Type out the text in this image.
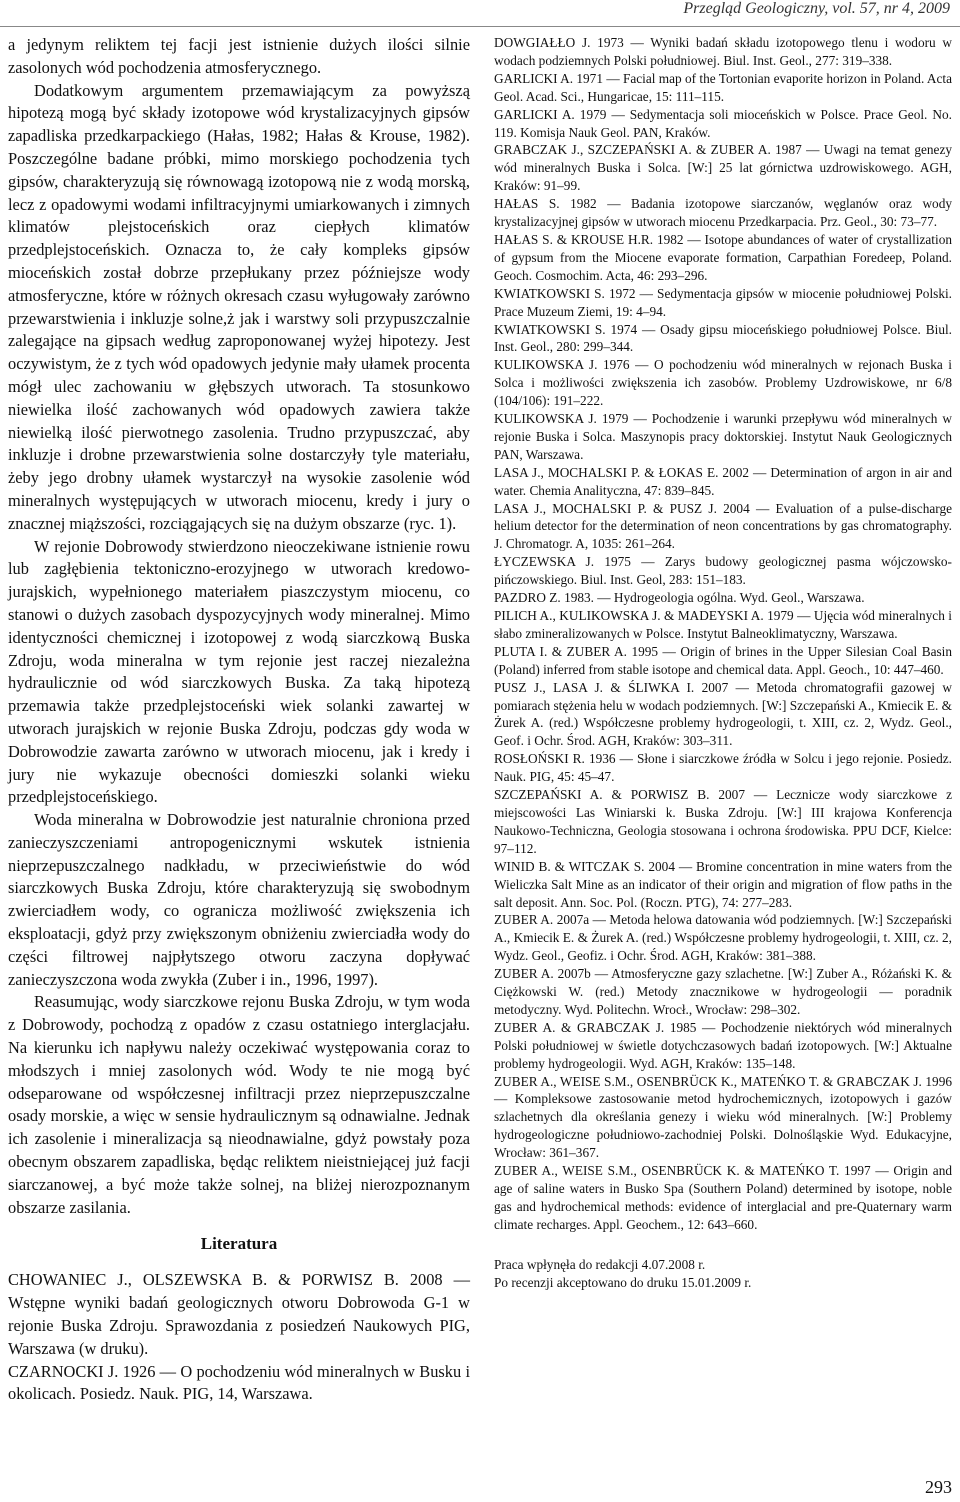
Przegląd Geologiczny, vol. 57, nr 4, 2009

a jedynym reliktem tej facji jest istnienie dużych ilości silnie zasolonych wód pochodzenia atmosferycznego.

Dodatkowym argumentem przemawiającym za powyższą hipotezą mogą być składy izotopowe wód krystalizacyjnych gipsów zapadliska przedkarpackiego (Hałas, 1982; Hałas & Krouse, 1982). Poszczególne badane próbki, mimo morskiego pochodzenia tych gipsów, charakteryzują się równowagą izotopową nie z wodą morską, lecz z opadowymi wodami infiltracyjnymi umiarkowanych i zimnych klimatów plejstoceńskich oraz ciepłych klimatów przedplejstoceńskich. Oznacza to, że cały kompleks gipsów mioceńskich został dobrze przepłukany przez późniejsze wody atmosferyczne, które w różnych okresach czasu wyługowały zarówno przewarstwienia i inkluzje solne,ż jak i warstwy soli przypuszczalnie zalegające na gipsach według zaproponowanej wyżej hipotezy. Jest oczywistym, że z tych wód opadowych jedynie mały ułamek procenta mógł ulec zachowaniu w głębszych utworach. Ta stosunkowo niewielka ilość zachowanych wód opadowych zawiera także niewielką ilość pierwotnego zasolenia. Trudno przypuszczać, aby inkluzje i drobne przewarstwienia solne dostarczyły tyle materiału, żeby jego drobny ułamek wystarczył na wysokie zasolenie wód mineralnych występujących w utworach miocenu, kredy i jury o znacznej miąższości, rozciągających się na dużym obszarze (ryc. 1).

W rejonie Dobrowody stwierdzono nieoczekiwane istnienie rowu lub zagłębienia tektoniczno-erozyjnego w utworach kredowo-jurajskich, wypełnionego materiałem piaszczystym miocenu, co stanowi o dużych zasobach dyspozycyjnych wody mineralnej. Mimo identyczności chemicznej i izotopowej z wodą siarczkową Buska Zdroju, woda mineralna w tym rejonie jest raczej niezależna hydraulicznie od wód siarczkowych Buska. Za taką hipotezą przemawia także przedplejstoceński wiek solanki zawartej w utworach jurajskich w rejonie Buska Zdroju, podczas gdy woda w Dobrowodzie zawarta zarówno w utworach miocenu, jak i kredy i jury nie wykazuje obecności domieszki solanki wieku przedplejstoceńskiego.

Woda mineralna w Dobrowodzie jest naturalnie chroniona przed zanieczyszczeniami antropogenicznymi wskutek istnienia nieprzepuszczalnego nadkładu, w przeciwieństwie do wód siarczkowych Buska Zdroju, które charakteryzują się swobodnym zwierciadłem wody, co ogranicza możliwość zwiększenia ich eksploatacji, gdyż przy zwiększonym obniżeniu zwierciadła wody do części filtrowej najpłytszego otworu zaczyna dopływać zanieczyszczona woda zwykła (Zuber i in., 1996, 1997).

Reasumując, wody siarczkowe rejonu Buska Zdroju, w tym woda z Dobrowody, pochodzą z opadów z czasu ostatniego interglacjału. Na kierunku ich napływu należy oczekiwać występowania coraz to młodszych i mniej zasolonych wód. Wody te nie mogą być odseparowane od współczesnej infiltracji przez nieprzepuszczalne osady morskie, a więc w sensie hydraulicznym są odnawialne. Jednak ich zasolenie i mineralizacja są nieodnawialne, gdyż powstały poza obecnym obszarem zapadliska, będąc reliktem nieistniejącej już facji siarczanowej, a być może także solnej, na bliżej nierozpoznanym obszarze zasilania.

Literatura

CHOWANIEC J., OLSZEWSKA B. & PORWISZ B. 2008 — Wstępne wyniki badań geologicznych otworu Dobrowoda G-1 w rejonie Buska Zdroju. Sprawozdania z posiedzeń Naukowych PIG, Warszawa (w druku).

CZARNOCKI J. 1926 — O pochodzeniu wód mineralnych w Busku i okolicach. Posiedz. Nauk. PIG, 14, Warszawa.

DOWGIAŁŁO J. 1973 — Wyniki badań składu izotopowego tlenu i wodoru w wodach podziemnych Polski południowej. Biul. Inst. Geol., 277: 319–338.

GARLICKI A. 1971 — Facial map of the Tortonian evaporite horizon in Poland. Acta Geol. Acad. Sci., Hungaricae, 15: 111–115.

GARLICKI A. 1979 — Sedymentacja soli mioceńskich w Polsce. Prace Geol. No. 119. Komisja Nauk Geol. PAN, Kraków.

GRABCZAK J., SZCZEPAŃSKI A. & ZUBER A. 1987 — Uwagi na temat genezy wód mineralnych Buska i Solca. [W:] 25 lat górnictwa uzdrowiskowego. AGH, Kraków: 91–99.

HAŁAS S. 1982 — Badania izotopowe siarczanów, węglanów oraz wody krystalizacyjnej gipsów w utworach miocenu Przedkarpacia. Prz. Geol., 30: 73–77.

HAŁAS S. & KROUSE H.R. 1982 — Isotope abundances of water of crystallization of gypsum from the Miocene evaporate formation, Carpathian Foredeep, Poland. Geoch. Cosmochim. Acta, 46: 293–296.

KWIATKOWSKI S. 1972 — Sedymentacja gipsów w miocenie południowej Polski. Prace Muzeum Ziemi, 19: 4–94.

KWIATKOWSKI S. 1974 — Osady gipsu mioceńskiego południowej Polsce. Biul. Inst. Geol., 280: 299–344.

KULIKOWSKA J. 1976 — O pochodzeniu wód mineralnych w rejonach Buska i Solca i możliwości zwiększenia ich zasobów. Problemy Uzdrowiskowe, nr 6/8 (104/106): 191–222.

KULIKOWSKA J. 1979 — Pochodzenie i warunki przepływu wód mineralnych w rejonie Buska i Solca. Maszynopis pracy doktorskiej. Instytut Nauk Geologicznych PAN, Warszawa.

LASA J., MOCHALSKI P. & ŁOKAS E. 2002 — Determination of argon in air and water. Chemia Analityczna, 47: 839–845.

LASA J., MOCHALSKI P. & PUSZ J. 2004 — Evaluation of a pulse-discharge helium detector for the determination of neon concentrations by gas chromatography. J. Chromatogr. A, 1035: 261–264.

ŁYCZEWSKA J. 1975 — Zarys budowy geologicznej pasma wójczowsko-pińczowskiego. Biul. Inst. Geol, 283: 151–183.

PAZDRO Z. 1983. — Hydrogeologia ogólna. Wyd. Geol., Warszawa.

PILICH A., KULIKOWSKA J. & MADEYSKI A. 1979 — Ujęcia wód mineralnych i słabo zmineralizowanych w Polsce. Instytut Balneoklimatyczny, Warszawa.

PLUTA I. & ZUBER A. 1995 — Origin of brines in the Upper Silesian Coal Basin (Poland) inferred from stable isotope and chemical data. Appl. Geoch., 10: 447–460.

PUSZ J., LASA J. & ŚLIWKA I. 2007 — Metoda chromatografii gazowej w pomiarach stężenia helu w wodach podziemnych. [W:] Szczepański A., Kmiecik E. & Żurek A. (red.) Współczesne problemy hydrogeologii, t. XIII, cz. 2, Wydz. Geol., Geof. i Ochr. Środ. AGH, Kraków: 303–311.

ROSŁOŃSKI R. 1936 — Słone i siarczkowe źródła w Solcu i jego rejonie. Posiedz. Nauk. PIG, 45: 45–47.

SZCZEPAŃSKI A. & PORWISZ B. 2007 — Lecznicze wody siarczkowe z miejscowości Las Winiarski k. Buska Zdroju. [W:] III krajowa Konferencja Naukowo-Techniczna, Geologia stosowana i ochrona środowiska. PPU DCF, Kielce: 97–112.

WINID B. & WITCZAK S. 2004 — Bromine concentration in mine waters from the Wieliczka Salt Mine as an indicator of their origin and migration of flow paths in the salt deposit. Ann. Soc. Pol. (Roczn. PTG), 74: 277–283.

ZUBER A. 2007a — Metoda helowa datowania wód podziemnych. [W:] Szczepański A., Kmiecik E. & Żurek A. (red.) Współczesne problemy hydrogeologii, t. XIII, cz. 2, Wydz. Geol., Geofiz. i Ochr. Środ. AGH, Kraków: 381–388.

ZUBER A. 2007b — Atmosferyczne gazy szlachetne. [W:] Zuber A., Różański K. & Ciężkowski W. (red.) Metody znacznikowe w hydrogeologii — poradnik metodyczny. Wyd. Politechn. Wrocł., Wrocław: 298–302.

ZUBER A. & GRABCZAK J. 1985 — Pochodzenie niektórych wód mineralnych Polski południowej w świetle dotychczasowych badań izotopowych. [W:] Aktualne problemy hydrogeologii. Wyd. AGH, Kraków: 135–148.

ZUBER A., WEISE S.M., OSENBRÜCK K., MATEŃKO T. & GRABCZAK J. 1996 — Kompleksowe zastosowanie metod hydrochemicznych, izotopowych i gazów szlachetnych dla określania genezy i wieku wód mineralnych. [W:] Problemy hydrogeologiczne południowo-zachodniej Polski. Dolnośląskie Wyd. Edukacyjne, Wrocław: 361–367.

ZUBER A., WEISE S.M., OSENBRÜCK K. & MATEŃKO T. 1997 — Origin and age of saline waters in Busko Spa (Southern Poland) determined by isotope, noble gas and hydrochemical methods: evidence of interglacial and pre-Quaternary warm climate recharges. Appl. Geochem., 12: 643–660.

Praca wpłynęła do redakcji 4.07.2008 r.
Po recenzji akceptowano do druku 15.01.2009 r.
293
